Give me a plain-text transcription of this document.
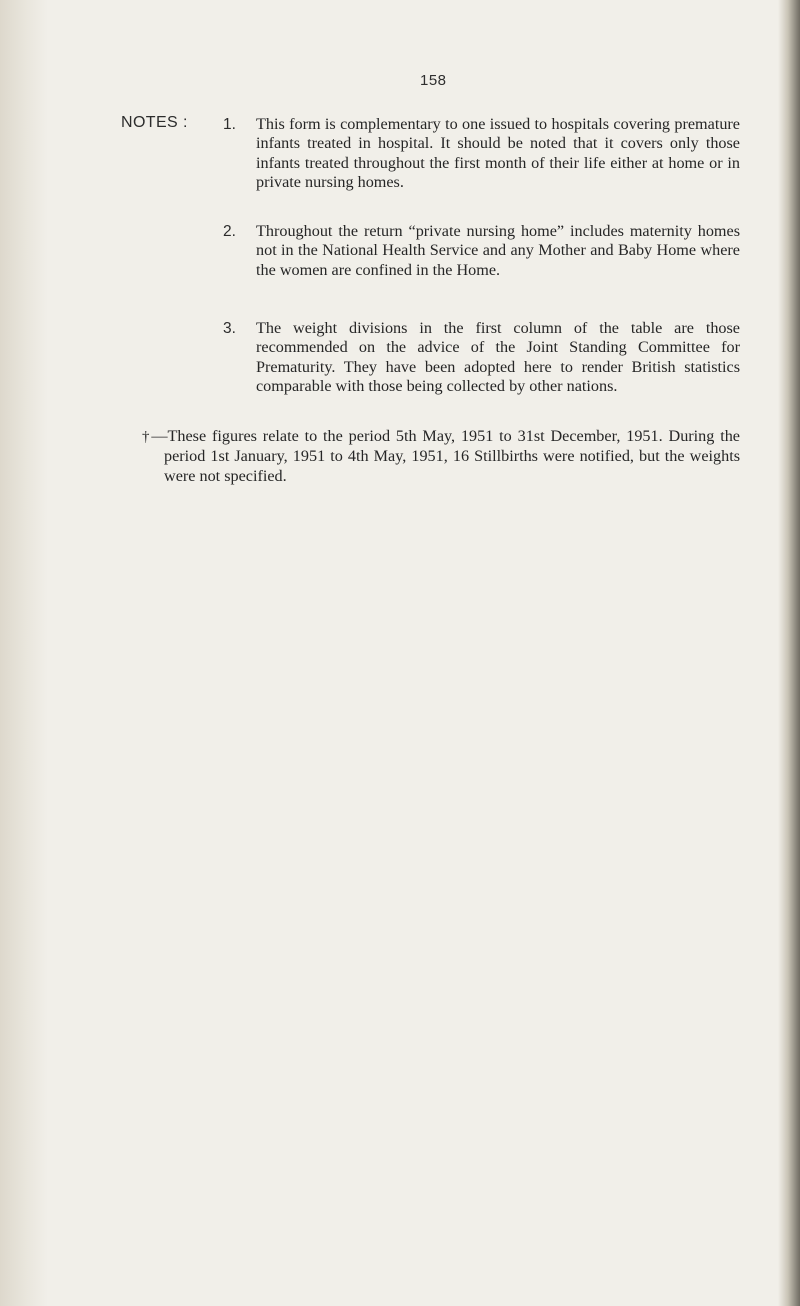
158
NOTES : 1. This form is complementary to one issued to hospitals covering premature infants treated in hospital. It should be noted that it covers only those infants treated throughout the first month of their life either at home or in private nursing homes.
2. Throughout the return “private nursing home” includes maternity homes not in the National Health Service and any Mother and Baby Home where the women are confined in the Home.
3. The weight divisions in the first column of the table are those recommended on the advice of the Joint Standing Committee for Prematurity. They have been adopted here to render British statistics comparable with those being collected by other nations.
†—These figures relate to the period 5th May, 1951 to 31st December, 1951. During the period 1st January, 1951 to 4th May, 1951, 16 Stillbirths were notified, but the weights were not specified.
